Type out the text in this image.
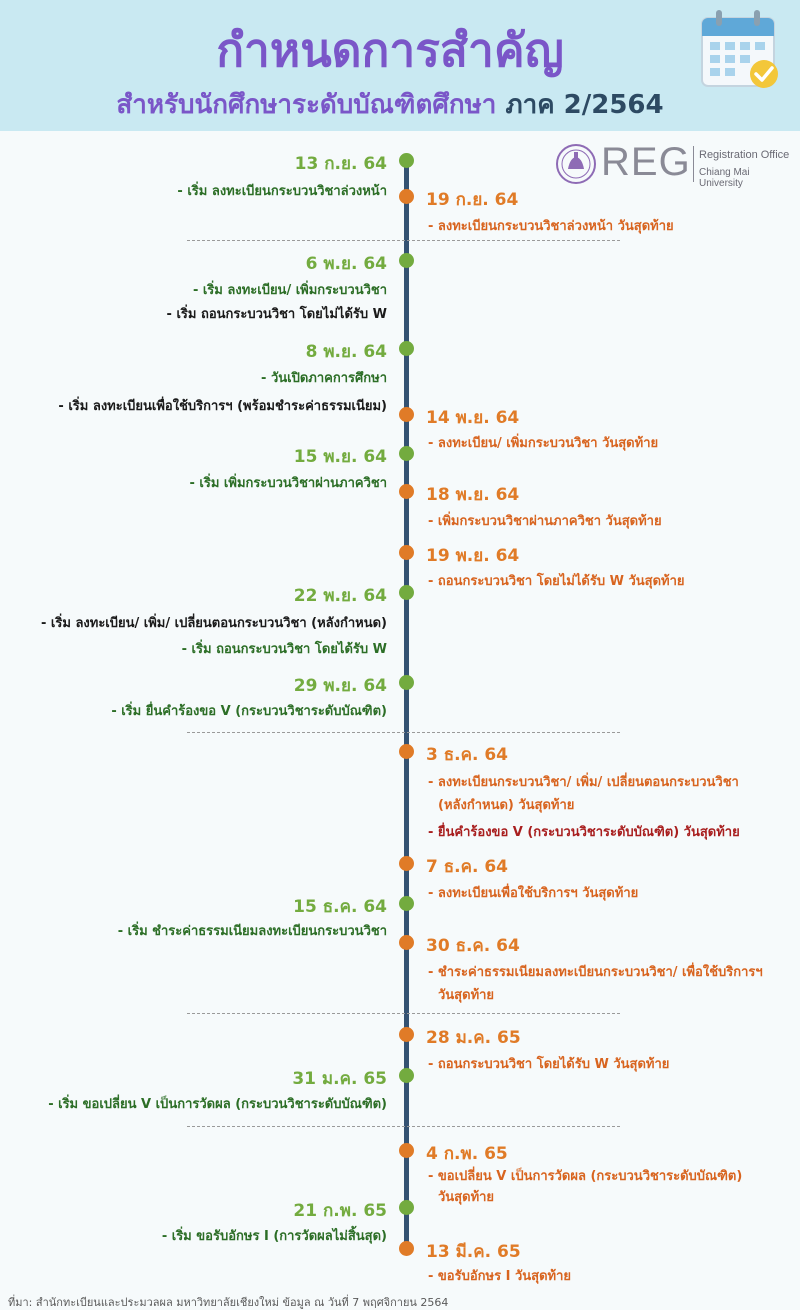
กำหนดการสำคัญ
สำหรับนักศึกษาระดับบัณฑิตศึกษา ภาค 2/2564
REG Registration Office
Chiang Mai University
13 ก.ย. 64
- เริ่ม ลงทะเบียนกระบวนวิชาล่วงหน้า 19 ก.ย. 64
- ลงทะเบียนกระบวนวิชาล่วงหน้า วันสุดท้าย
6 พ.ย. 64
- เริ่ม ลงทะเบียน/ เพิ่มกระบวนวิชา
- เริ่ม ถอนกระบวนวิชา โดยไม่ได้รับ W
8 พ.ย. 64
- วันเปิดภาคการศึกษา
- เริ่ม ลงทะเบียนเพื่อใช้บริการฯ (พร้อมชำระค่าธรรมเนียม)
14 พ.ย. 64
- ลงทะเบียน/ เพิ่มกระบวนวิชา วันสุดท้าย
15 พ.ย. 64
- เริ่ม เพิ่มกระบวนวิชาผ่านภาควิชา
18 พ.ย. 64
- เพิ่มกระบวนวิชาผ่านภาควิชา วันสุดท้าย
19 พ.ย. 64
- ถอนกระบวนวิชา โดยไม่ได้รับ W วันสุดท้าย
22 พ.ย. 64
- เริ่ม ลงทะเบียน/ เพิ่ม/ เปลี่ยนตอนกระบวนวิชา (หลังกำหนด)
- เริ่ม ถอนกระบวนวิชา โดยได้รับ W
29 พ.ย. 64
- เริ่ม ยื่นคำร้องขอ V (กระบวนวิชาระดับบัณฑิต)
3 ธ.ค. 64
- ลงทะเบียนกระบวนวิชา/ เพิ่ม/ เปลี่ยนตอนกระบวนวิชา
(หลังกำหนด) วันสุดท้าย
- ยื่นคำร้องขอ V (กระบวนวิชาระดับบัณฑิต) วันสุดท้าย
7 ธ.ค. 64
- ลงทะเบียนเพื่อใช้บริการฯ วันสุดท้าย
15 ธ.ค. 64
- เริ่ม ชำระค่าธรรมเนียมลงทะเบียนกระบวนวิชา
30 ธ.ค. 64
- ชำระค่าธรรมเนียมลงทะเบียนกระบวนวิชา/ เพื่อใช้บริการฯ
วันสุดท้าย
28 ม.ค. 65
- ถอนกระบวนวิชา โดยได้รับ W วันสุดท้าย
31 ม.ค. 65
- เริ่ม ขอเปลี่ยน V เป็นการวัดผล (กระบวนวิชาระดับบัณฑิต)
4 ก.พ. 65
- ขอเปลี่ยน V เป็นการวัดผล (กระบวนวิชาระดับบัณฑิต)
วันสุดท้าย
21 ก.พ. 65
- เริ่ม ขอรับอักษร I (การวัดผลไม่สิ้นสุด)
13 มี.ค. 65
- ขอรับอักษร I วันสุดท้าย
ที่มา: สำนักทะเบียนและประมวลผล มหาวิทยาลัยเชียงใหม่ ข้อมูล ณ วันที่ 7 พฤศจิกายน 2564
